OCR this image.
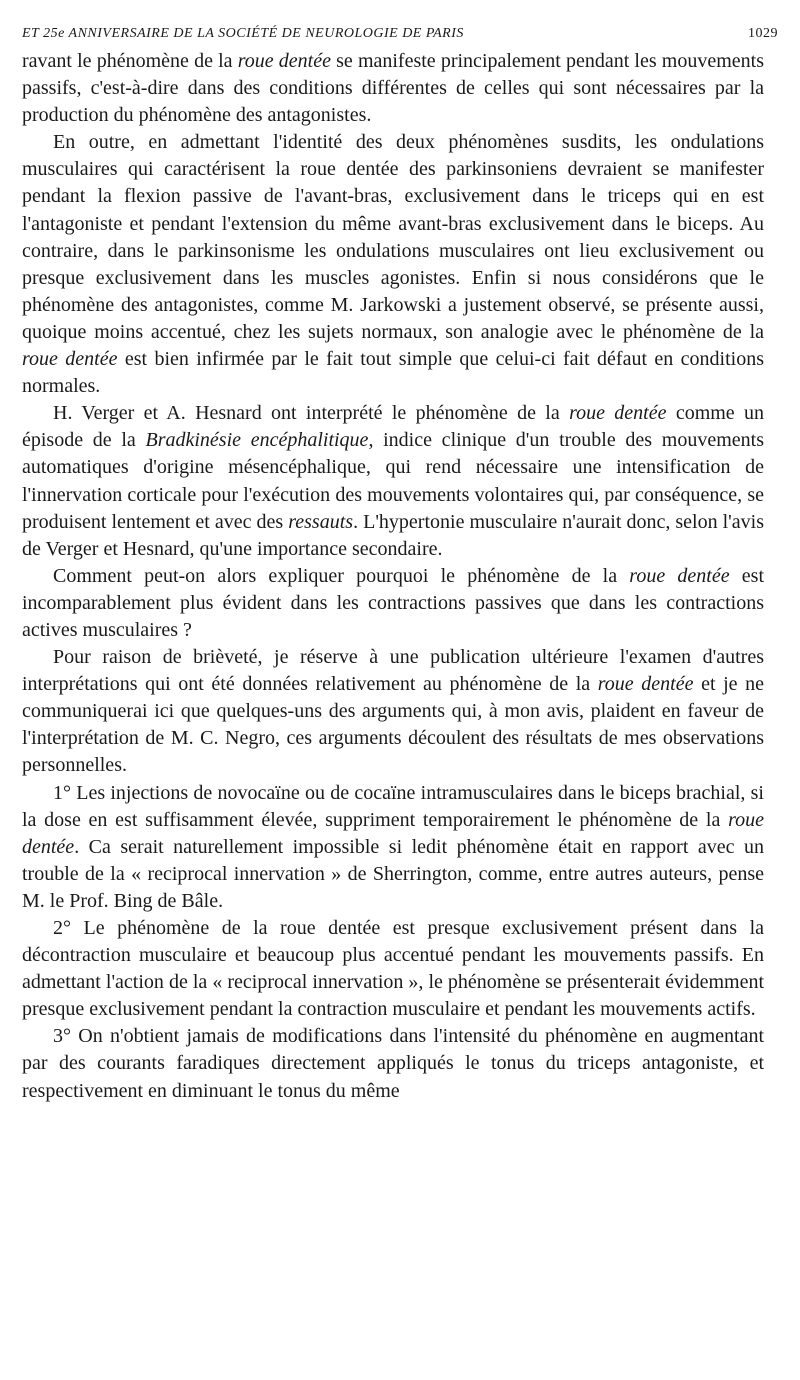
ET 25e ANNIVERSAIRE DE LA SOCIÉTÉ DE NEUROLOGIE DE PARIS	1029

ravant le phénomène de la roue dentée se manifeste principalement pendant les mouvements passifs, c'est-à-dire dans des conditions différentes de celles qui sont nécessaires par la production du phénomène des antagonistes.

En outre, en admettant l'identité des deux phénomènes susdits, les ondulations musculaires qui caractérisent la roue dentée des parkinsoniens devraient se manifester pendant la flexion passive de l'avant-bras, exclusivement dans le triceps qui en est l'antagoniste et pendant l'extension du même avant-bras exclusivement dans le biceps. Au contraire, dans le parkinsonisme les ondulations musculaires ont lieu exclusivement ou presque exclusivement dans les muscles agonistes. Enfin si nous considérons que le phénomène des antagonistes, comme M. Jarkowski a justement observé, se présente aussi, quoique moins accentué, chez les sujets normaux, son analogie avec le phénomène de la roue dentée est bien infirmée par le fait tout simple que celui-ci fait défaut en conditions normales.

H. Verger et A. Hesnard ont interprété le phénomène de la roue dentée comme un épisode de la Bradkinésie encéphalitique, indice clinique d'un trouble des mouvements automatiques d'origine mésencéphalique, qui rend nécessaire une intensification de l'innervation corticale pour l'exécution des mouvements volontaires qui, par conséquence, se produisent lentement et avec des ressauts. L'hypertonie musculaire n'aurait donc, selon l'avis de Verger et Hesnard, qu'une importance secondaire.

Comment peut-on alors expliquer pourquoi le phénomène de la roue dentée est incomparablement plus évident dans les contractions passives que dans les contractions actives musculaires ?

Pour raison de brièveté, je réserve à une publication ultérieure l'examen d'autres interprétations qui ont été données relativement au phénomène de la roue dentée et je ne communiquerai ici que quelques-uns des arguments qui, à mon avis, plaident en faveur de l'interprétation de M. C. Negro, ces arguments découlent des résultats de mes observations personnelles.

1° Les injections de novocaïne ou de cocaïne intramusculaires dans le biceps brachial, si la dose en est suffisamment élevée, suppriment temporairement le phénomène de la roue dentée. Ca serait naturellement impossible si ledit phénomène était en rapport avec un trouble de la « reciprocal innervation » de Sherrington, comme, entre autres auteurs, pense M. le Prof. Bing de Bâle.

2° Le phénomène de la roue dentée est presque exclusivement présent dans la décontraction musculaire et beaucoup plus accentué pendant les mouvements passifs. En admettant l'action de la « reciprocal innervation », le phénomène se présenterait évidemment presque exclusivement pendant la contraction musculaire et pendant les mouvements actifs.

3° On n'obtient jamais de modifications dans l'intensité du phénomène en augmentant par des courants faradiques directement appliqués le tonus du triceps antagoniste, et respectivement en diminuant le tonus du même
